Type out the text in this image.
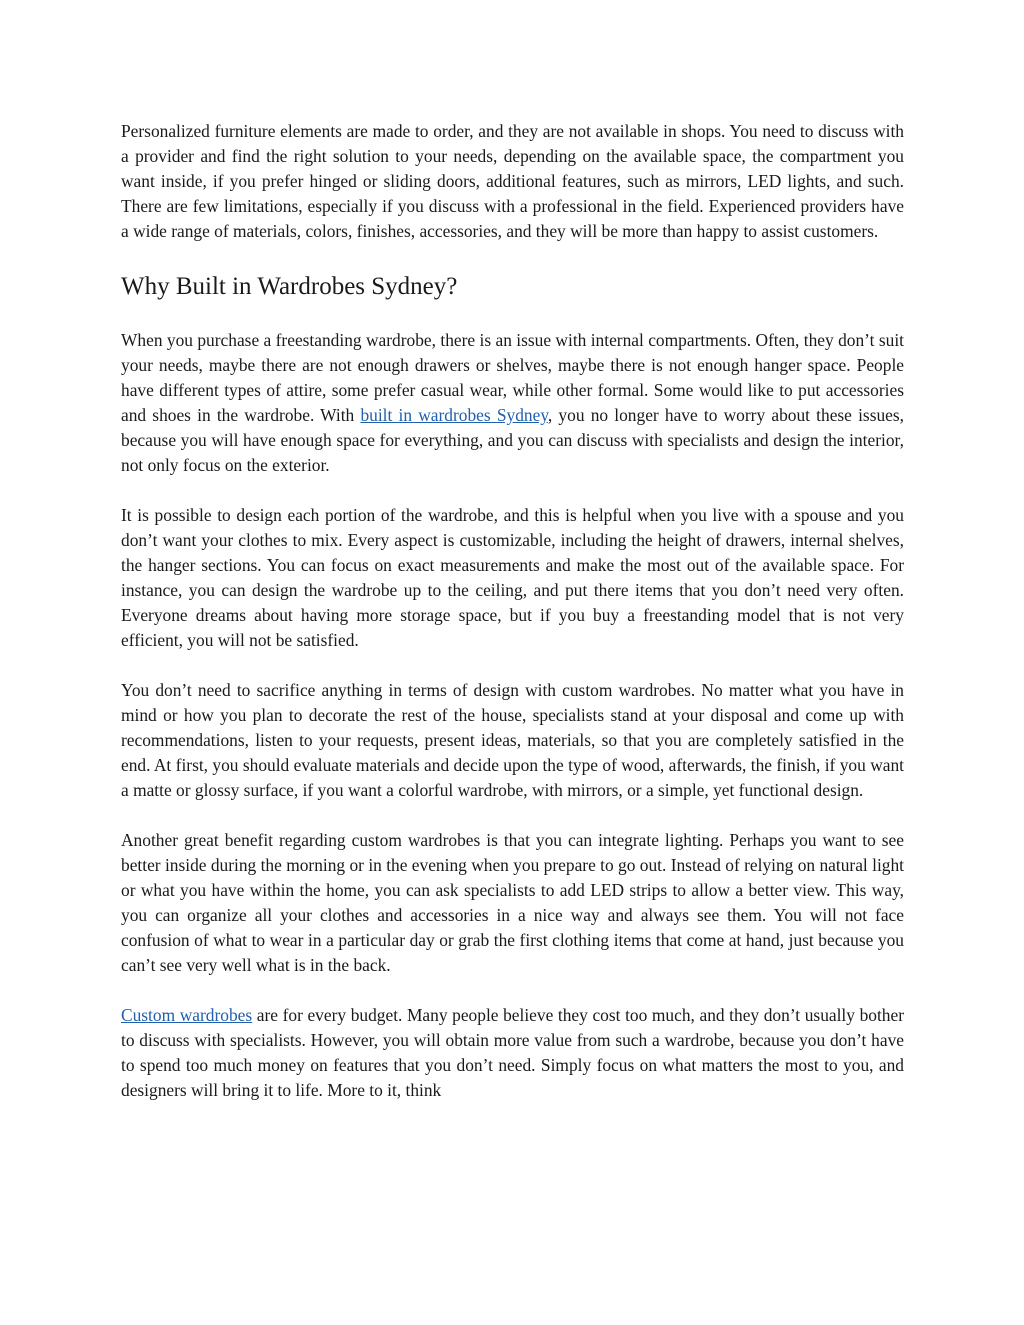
Personalized furniture elements are made to order, and they are not available in shops. You need to discuss with a provider and find the right solution to your needs, depending on the available space, the compartment you want inside, if you prefer hinged or sliding doors, additional features, such as mirrors, LED lights, and such. There are few limitations, especially if you discuss with a professional in the field. Experienced providers have a wide range of materials, colors, finishes, accessories, and they will be more than happy to assist customers.

Why Built in Wardrobes Sydney?

When you purchase a freestanding wardrobe, there is an issue with internal compartments. Often, they don’t suit your needs, maybe there are not enough drawers or shelves, maybe there is not enough hanger space. People have different types of attire, some prefer casual wear, while other formal. Some would like to put accessories and shoes in the wardrobe. With built in wardrobes Sydney, you no longer have to worry about these issues, because you will have enough space for everything, and you can discuss with specialists and design the interior, not only focus on the exterior.

It is possible to design each portion of the wardrobe, and this is helpful when you live with a spouse and you don’t want your clothes to mix. Every aspect is customizable, including the height of drawers, internal shelves, the hanger sections. You can focus on exact measurements and make the most out of the available space. For instance, you can design the wardrobe up to the ceiling, and put there items that you don’t need very often. Everyone dreams about having more storage space, but if you buy a freestanding model that is not very efficient, you will not be satisfied.

You don’t need to sacrifice anything in terms of design with custom wardrobes. No matter what you have in mind or how you plan to decorate the rest of the house, specialists stand at your disposal and come up with recommendations, listen to your requests, present ideas, materials, so that you are completely satisfied in the end. At first, you should evaluate materials and decide upon the type of wood, afterwards, the finish, if you want a matte or glossy surface, if you want a colorful wardrobe, with mirrors, or a simple, yet functional design.

Another great benefit regarding custom wardrobes is that you can integrate lighting. Perhaps you want to see better inside during the morning or in the evening when you prepare to go out. Instead of relying on natural light or what you have within the home, you can ask specialists to add LED strips to allow a better view. This way, you can organize all your clothes and accessories in a nice way and always see them. You will not face confusion of what to wear in a particular day or grab the first clothing items that come at hand, just because you can’t see very well what is in the back.

Custom wardrobes are for every budget. Many people believe they cost too much, and they don’t usually bother to discuss with specialists. However, you will obtain more value from such a wardrobe, because you don’t have to spend too much money on features that you don’t need. Simply focus on what matters the most to you, and designers will bring it to life. More to it, think
